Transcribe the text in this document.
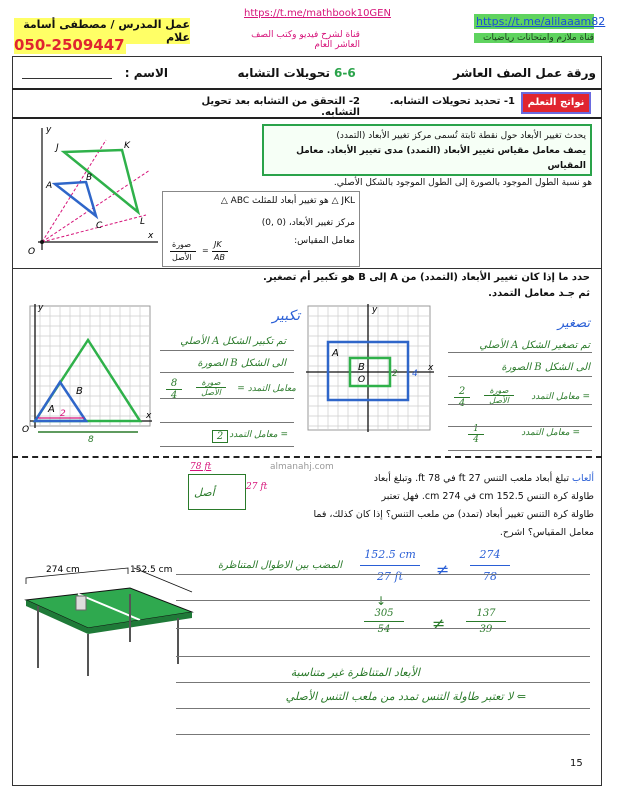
عمل المدرس / مصطفى أسامة علام
050-2509447
https://t.me/mathbook10GEN
قناة لشرح فيديو وكتب الصف العاشر العام
https://t.me/alilaaam82
قناة ملازم وامتحانات رياضيات
ورقة عمل الصف العاشر
6-6
تحويلات التشابه
الاسم :
نواتج التعلم
1- تحديد تحويلات التشابه.
2- التحقق من التشابه بعد تحويل التشابه.
يحدث تغيير الأبعاد حول نقطة ثابتة تُسمى مركز تغيير الأبعاد (التمدد)
يصف معامل مقياس تغيير الأبعاد (التمدد) مدى تغيير الأبعاد. معامل المقياس
هو نسبة الطول الموجود بالصورة إلى الطول الموجود بالشكل الأصلي.
JKL △ هو تغيير أبعاد للمثلث ABC △
مركز تغيير الأبعاد، (0 ,0)
معامل المقياس:
صورة
الأصل
=
JK
AB
y
x
O
J	K
A
B
C	L
حدد ما إذا كان تغيير الأبعاد (التمدد) من A إلى B هو تكبير أم تصغير.
ثم جـد معامل التمدد.
y
x
O
A
B
2
8
تكبير
تم تكبير الشكل A الأصلي
الى الشكل B الصورة
معامل التمدد =
صورة
الأصل
8
4
2 = معامل التمدد
y
x
A
B
O
2 4
تصغير
تم تصغير الشكل A الأصلي
الى الشكل B الصورة
= معامل التمدد
صورة
الأصل
2
4
= معامل التمدد
1
4
almanahj.com
ألعاب تبلغ أبعاد ملعب التنس 27 ft في 78 ft. وتبلغ أبعاد
طاولة كرة التنس 152.5 cm في 274 cm. فهل تعتبر
طاولة كرة التنس تغيير أبعاد (تمدد) من ملعب التنس؟ إذا كان كذلك، فما
معامل المقياس؟ اشرح.
78 ft
27 ft
أصل
274 cm	152.5 cm	المضب بين الاطوال المتناظرة
152.5 cm
27 ft	≠
274
78
↓
305
54	≠
137
39
الأبعاد المتناظرة غير متناسبة
⇐ لا تعتبر طاولة التنس تمدد من ملعب التنس الأصلي
15
